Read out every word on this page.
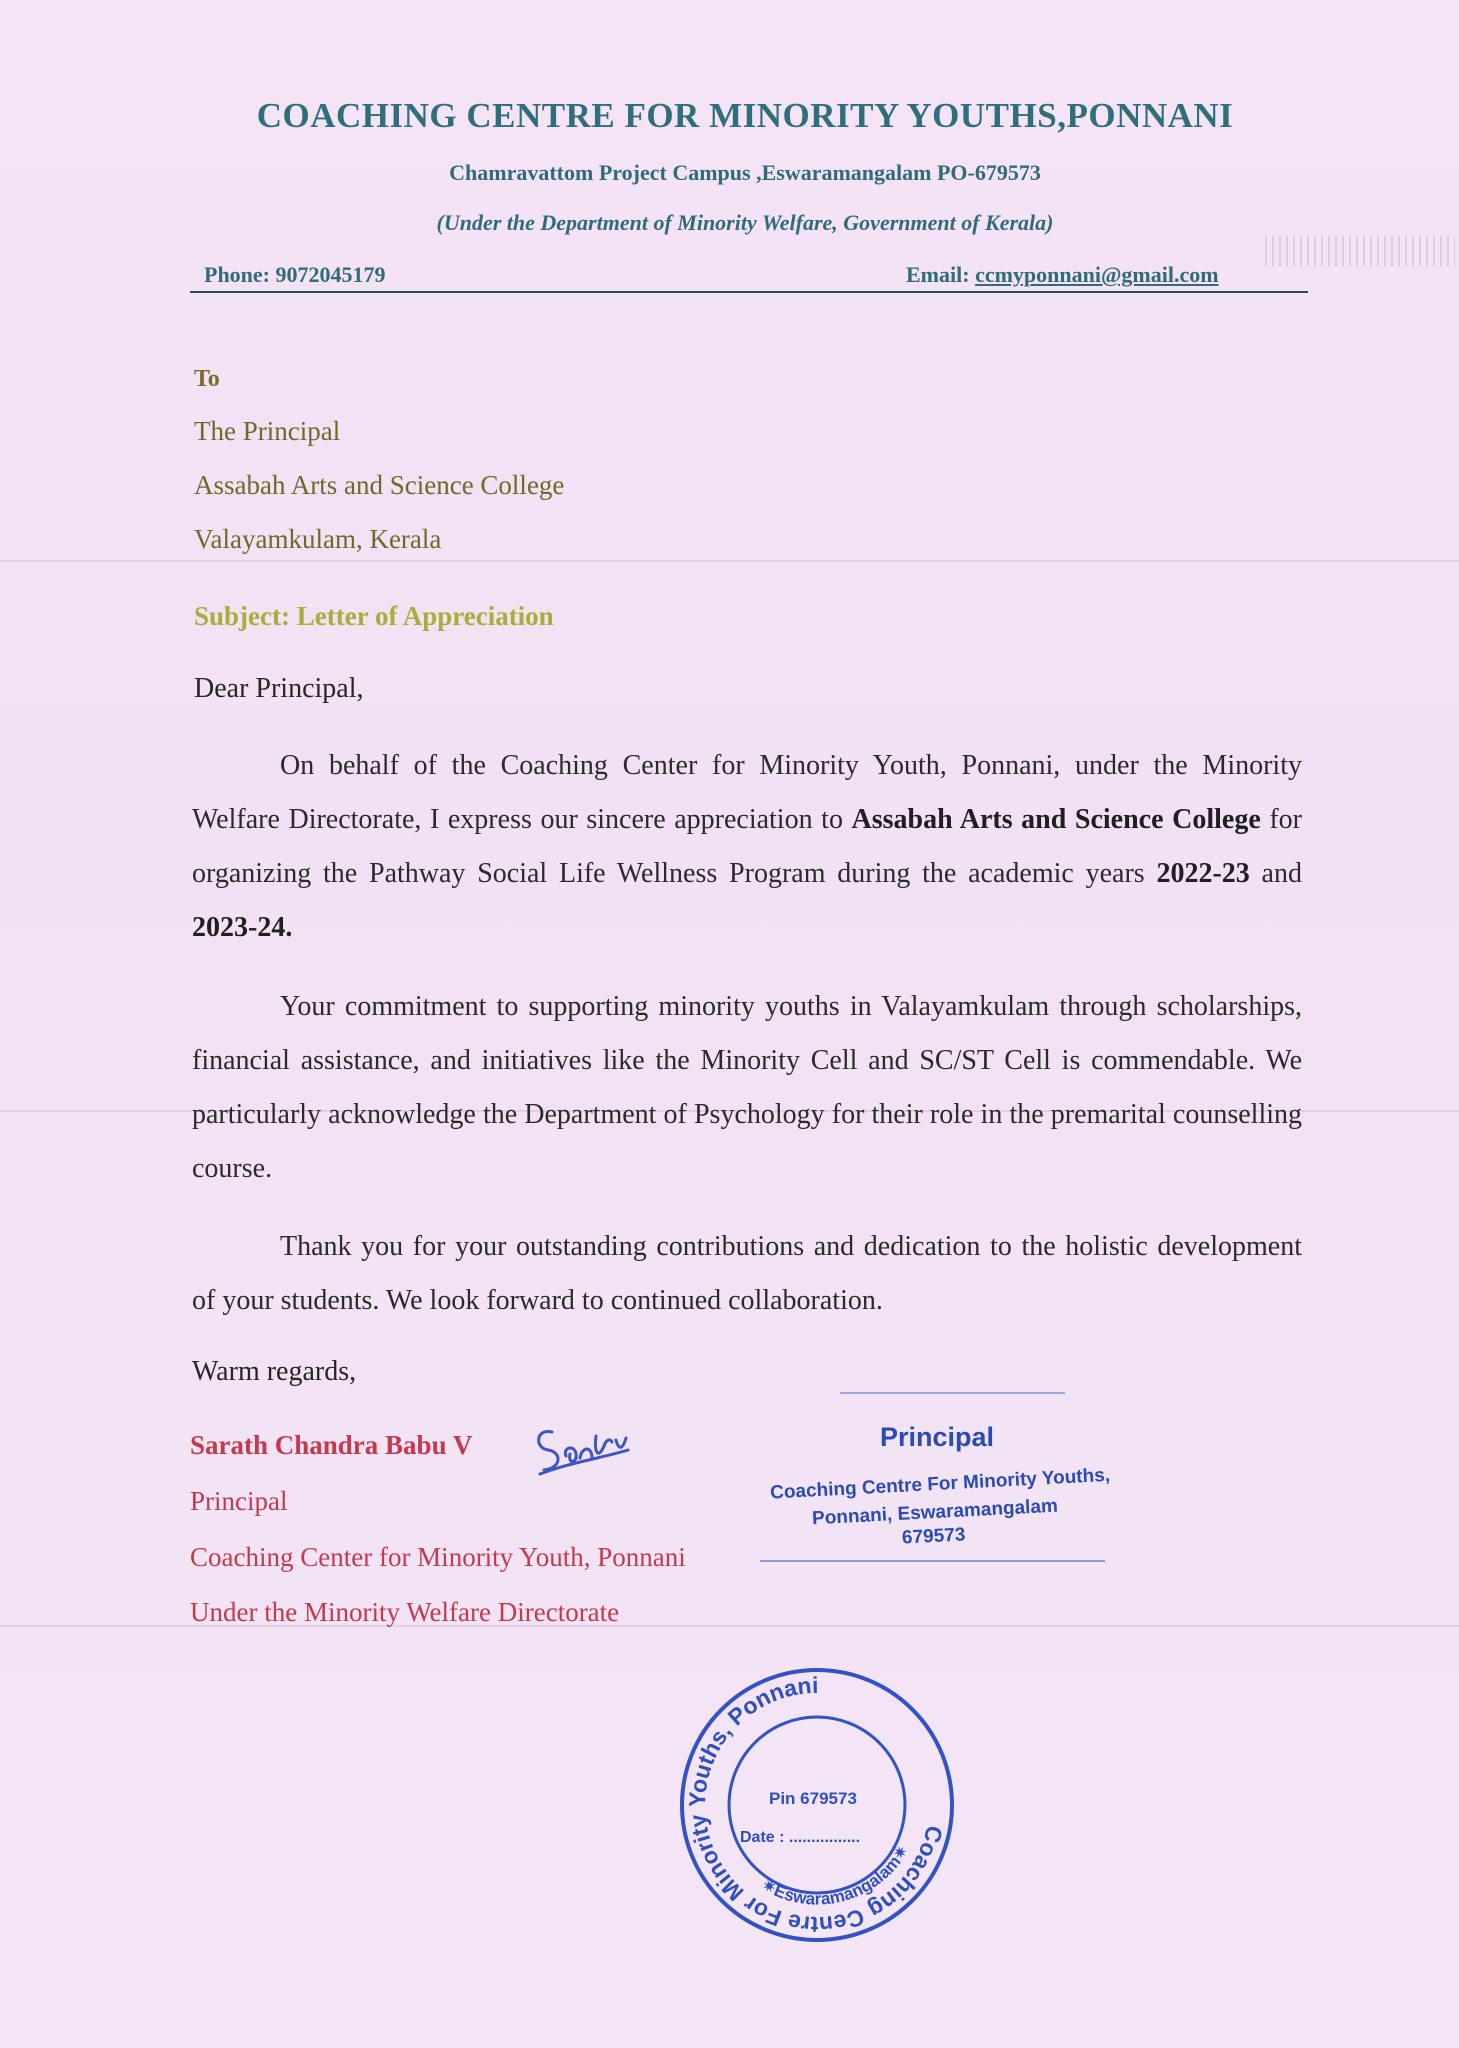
COACHING CENTRE FOR MINORITY YOUTHS,PONNANI

Chamravattom Project Campus ,Eswaramangalam PO-679573

(Under the Department of Minority Welfare, Government of Kerala)

Phone: 9072045179	Email: ccmyponnani@gmail.com
To
The Principal
Assabah Arts and Science College
Valayamkulam, Kerala
Subject: Letter of Appreciation
Dear Principal,

On behalf of the Coaching Center for Minority Youth, Ponnani, under the Minority Welfare Directorate, I express our sincere appreciation to Assabah Arts and Science College for organizing the Pathway Social Life Wellness Program during the academic years 2022-23 and 2023-24.

Your commitment to supporting minority youths in Valayamkulam through scholarships, financial assistance, and initiatives like the Minority Cell and SC/ST Cell is commendable. We particularly acknowledge the Department of Psychology for their role in the premarital counselling course.

Thank you for your outstanding contributions and dedication to the holistic development of your students. We look forward to continued collaboration.

Warm regards,
Sarath Chandra Babu V
Principal
Coaching Center for Minority Youth, Ponnani
Under the Minority Welfare Directorate
Principal
Coaching Centre For Minority Youths,
Ponnani, Eswaramangalam
679573
Coaching Centre For Minority Youths, Ponnani
✷Eswaramangalam✷
Pin 679573
Date : ................
